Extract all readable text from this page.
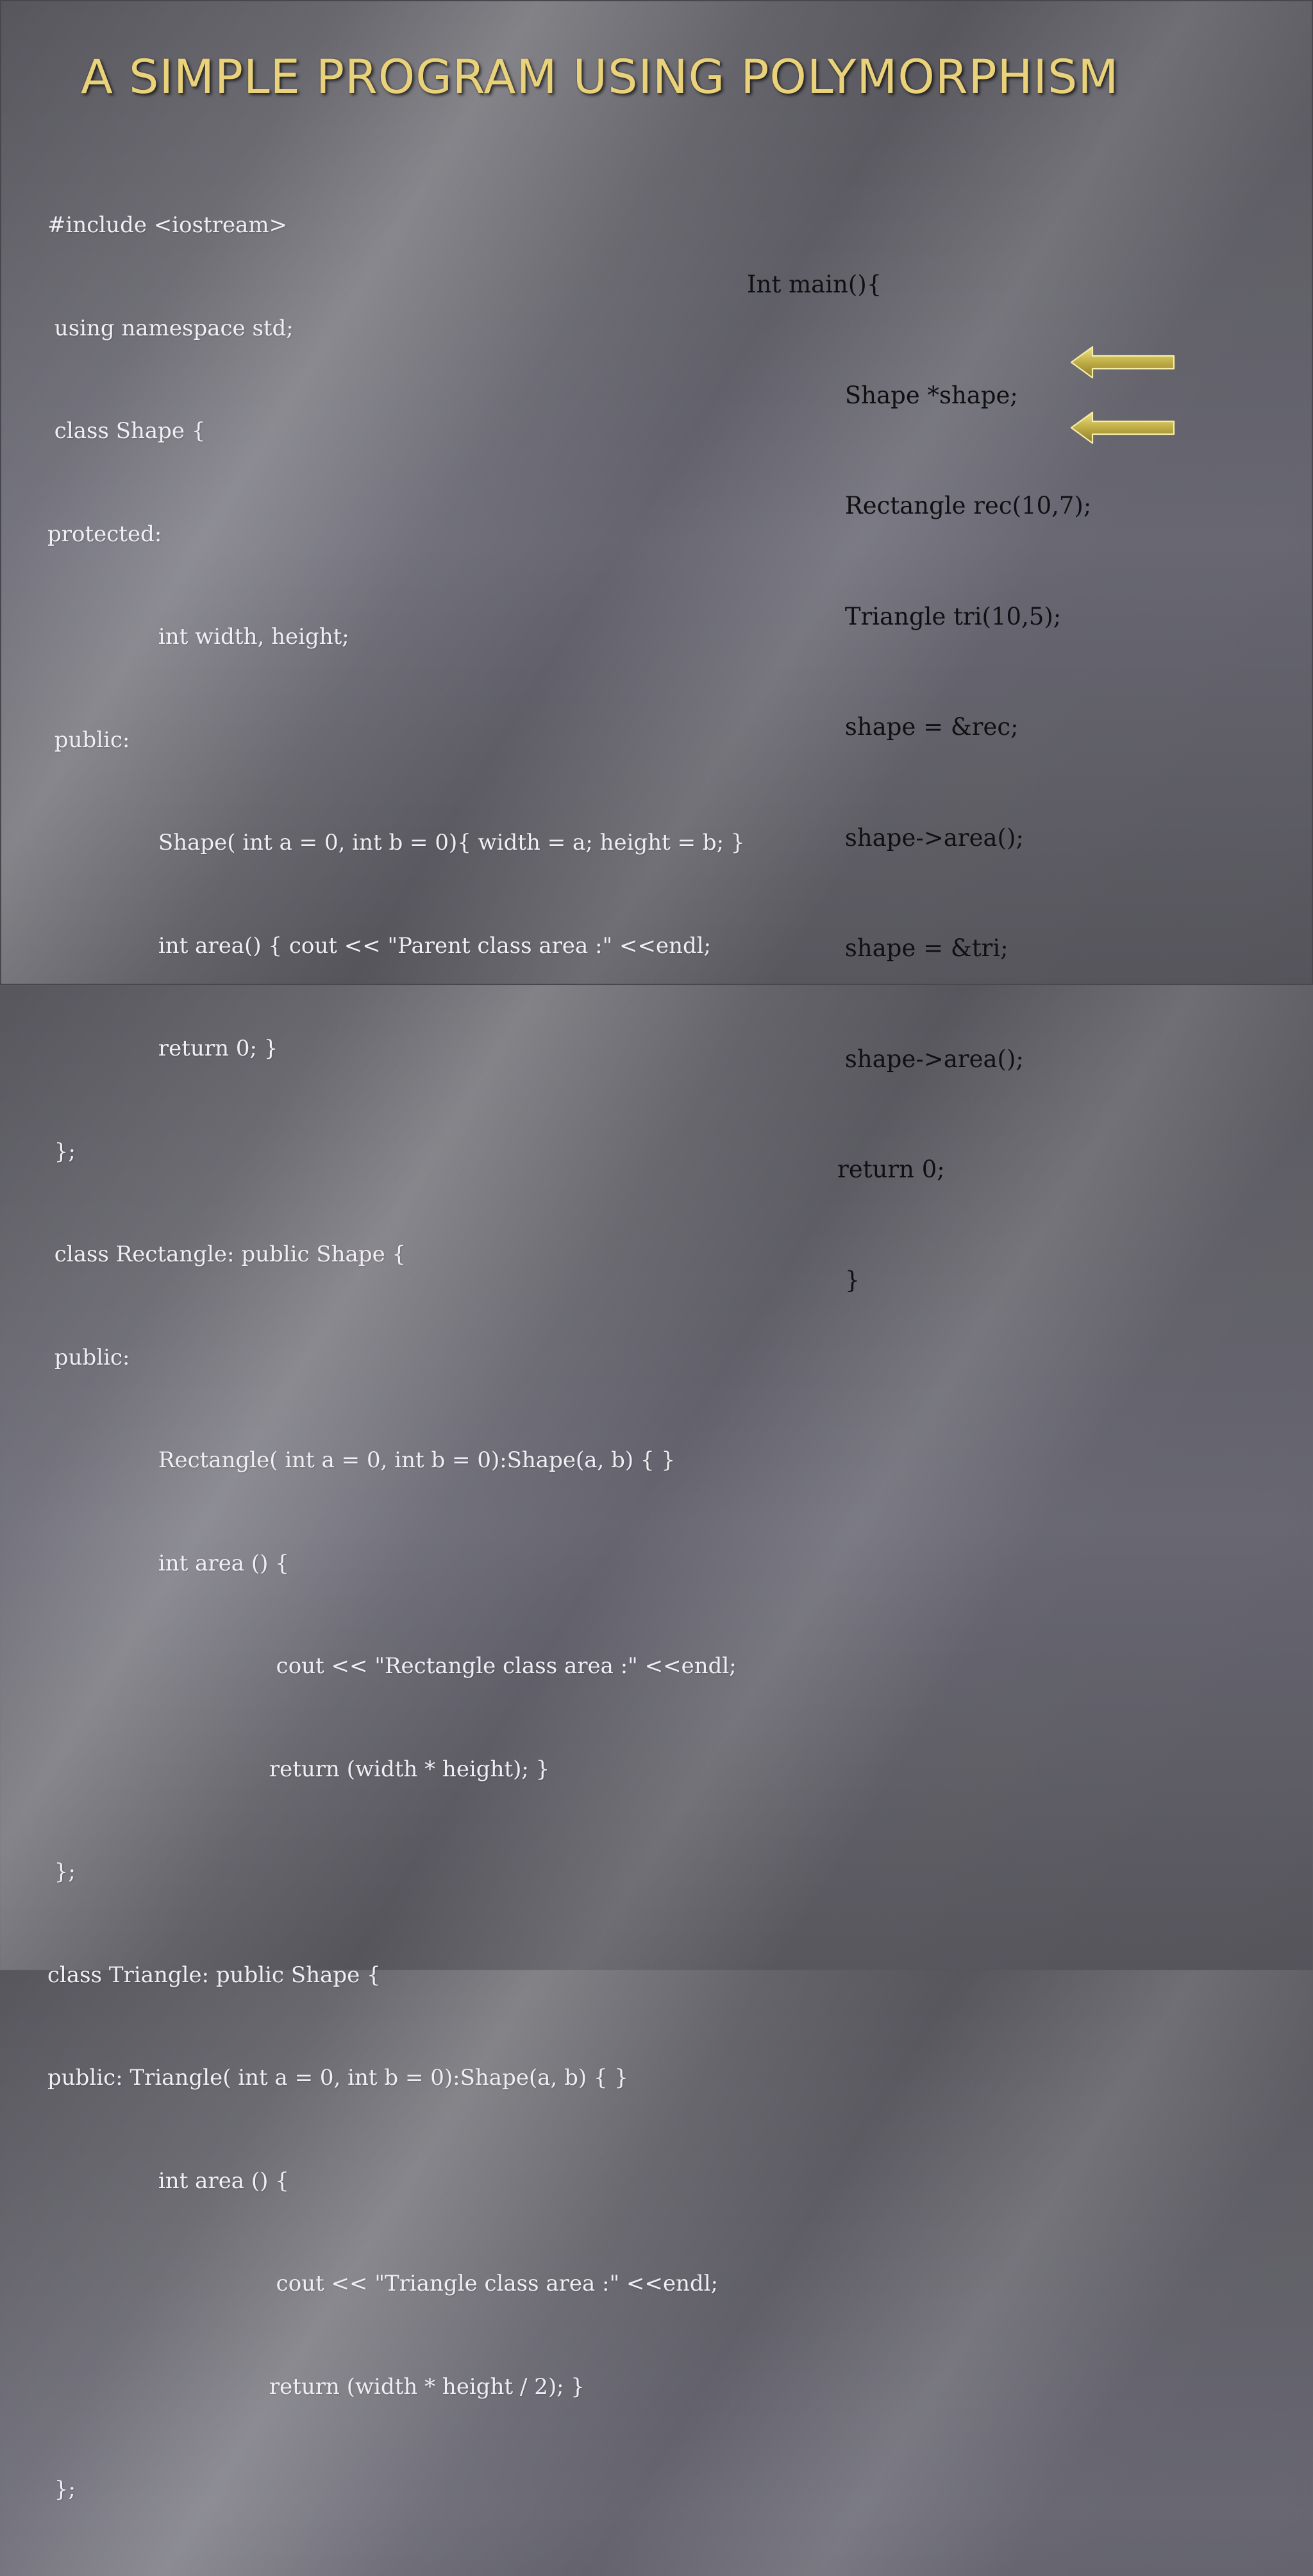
A SIMPLE PROGRAM USING POLYMORPHISM

#include <iostream>

using namespace std;

class Shape {

protected:

int width, height;

public:

Shape( int a = 0, int b = 0){ width = a; height = b; }

int area() { cout << "Parent class area :" <<endl;

return 0; }

};

class Rectangle: public Shape {

public:

Rectangle( int a = 0, int b = 0):Shape(a, b) { }

int area () {

cout << "Rectangle class area :" <<endl;

return (width * height); }

};

class Triangle: public Shape {

public: Triangle( int a = 0, int b = 0):Shape(a, b) { }

int area () {

cout << "Triangle class area :" <<endl;

return (width * height / 2); }

};

Int main(){

Shape *shape;

Rectangle rec(10,7);

Triangle tri(10,5);

shape = &rec;

shape->area();

shape = &tri;

shape->area();

return 0;

}
